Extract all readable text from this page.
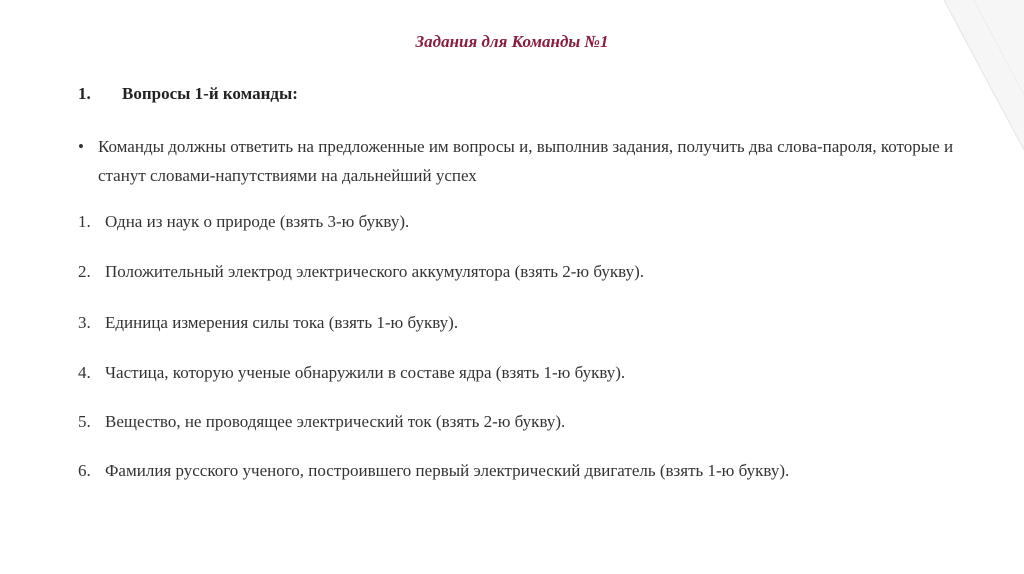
Задания для Команды №1
1. Вопросы 1-й команды:
• Команды должны ответить на предложенные им вопросы и, выполнив задания, получить два слова-пароля, которые и станут словами-напутствиями на дальнейший успех
1. Одна из наук о природе (взять 3-ю букву).
2. Положительный электрод электрического аккумулятора (взять 2-ю букву).
3. Единица измерения силы тока (взять 1-ю букву).
4. Частица, которую ученые обнаружили в составе ядра (взять 1-ю букву).
5. Вещество, не проводящее электрический ток (взять 2-ю букву).
6. Фамилия русского ученого, построившего первый электрический двигатель (взять 1-ю букву).
